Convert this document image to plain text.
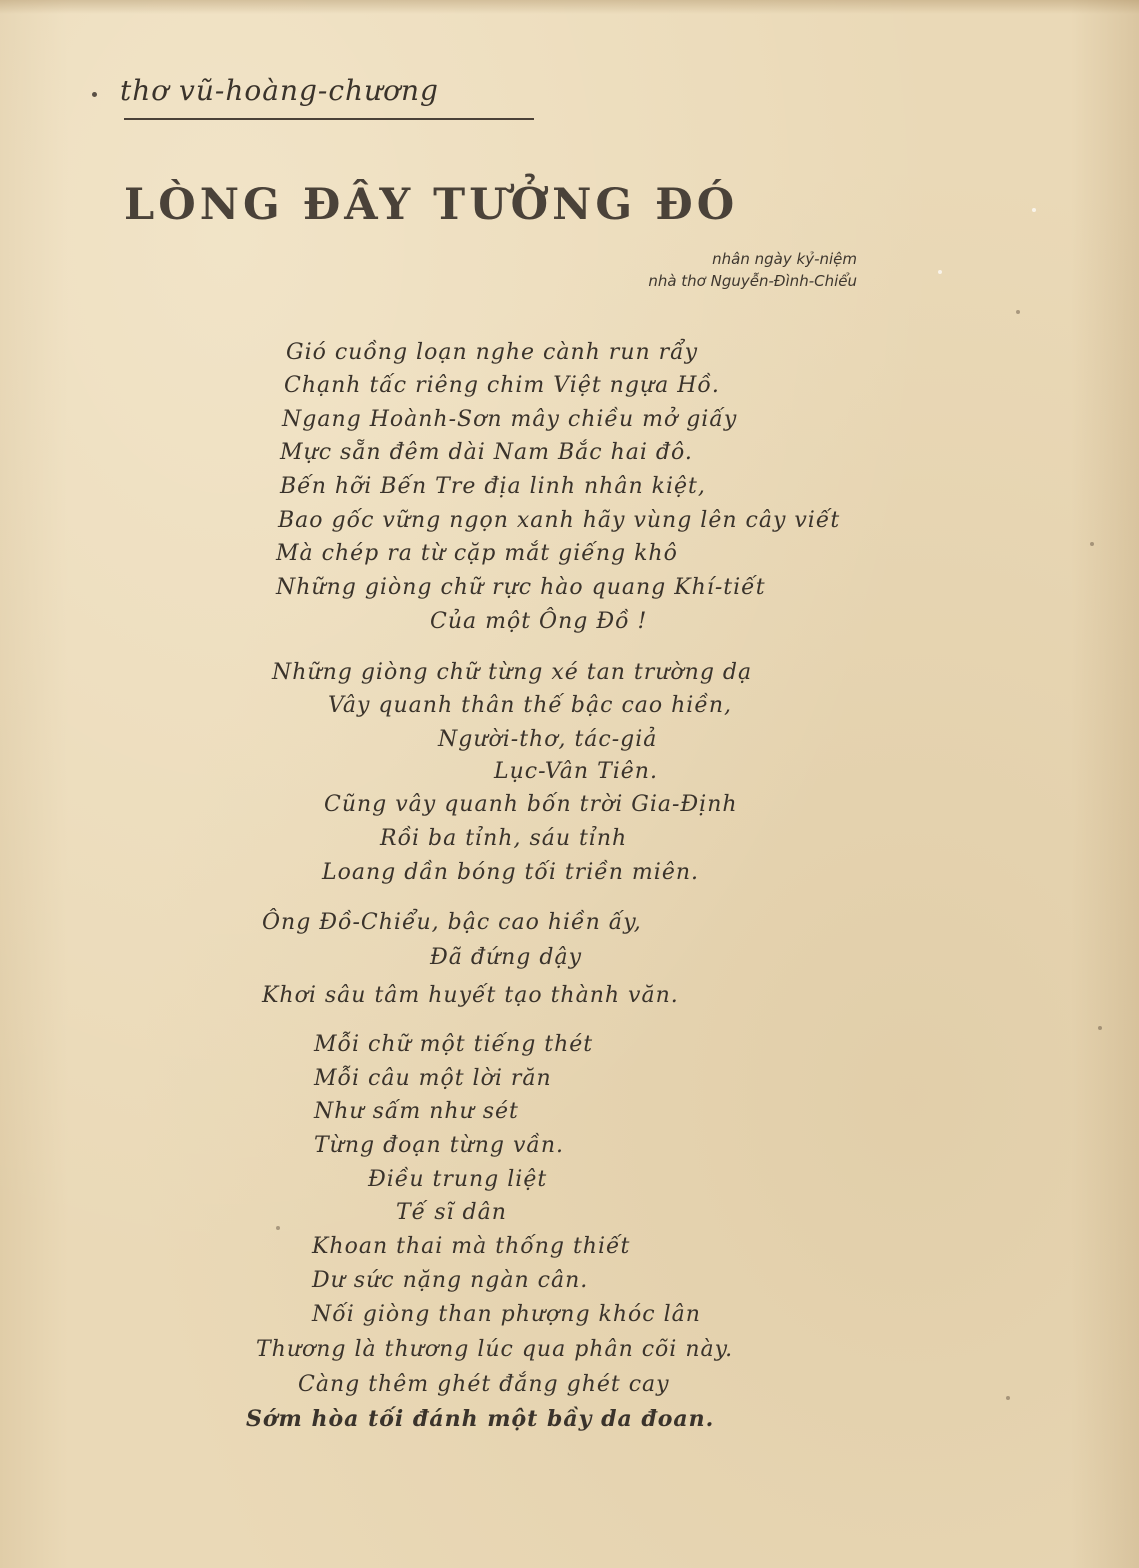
thơ vũ-hoàng-chương
LÒNG ĐÂY TƯỞNG ĐÓ
nhân ngày kỷ-niệm
nhà thơ Nguyễn-Đình-Chiểu
Gió cuồng loạn nghe cành run rẩy
Chạnh tấc riêng chim Việt ngựa Hồ.
Ngang Hoành-Sơn mây chiều mở giấy
Mực sẵn đêm dài Nam Bắc hai đô.
Bến hỡi Bến Tre địa linh nhân kiệt,
Bao gốc vững ngọn xanh hãy vùng lên cây viết
Mà chép ra từ cặp mắt giếng khô
Những giòng chữ rực hào quang Khí-tiết
Của một Ông Đồ !
Những giòng chữ từng xé tan trường dạ
Vây quanh thân thế bậc cao hiền,
Người-thơ, tác-giả
Lục-Vân Tiên.
Cũng vây quanh bốn trời Gia-Định
Rồi ba tỉnh, sáu tỉnh
Loang dần bóng tối triền miên.
Ông Đồ-Chiểu, bậc cao hiền ấy,
Đã đứng dậy
Khơi sâu tâm huyết tạo thành văn.
Mỗi chữ một tiếng thét
Mỗi câu một lời răn
Như sấm như sét
Từng đoạn từng vần.
Điều trung liệt
Tế sĩ dân
Khoan thai mà thống thiết
Dư sức nặng ngàn cân.
Nối giòng than phượng khóc lân
Thương là thương lúc qua phân cõi này.
Càng thêm ghét đắng ghét cay
Sớm hòa tối đánh một bầy da đoan.
